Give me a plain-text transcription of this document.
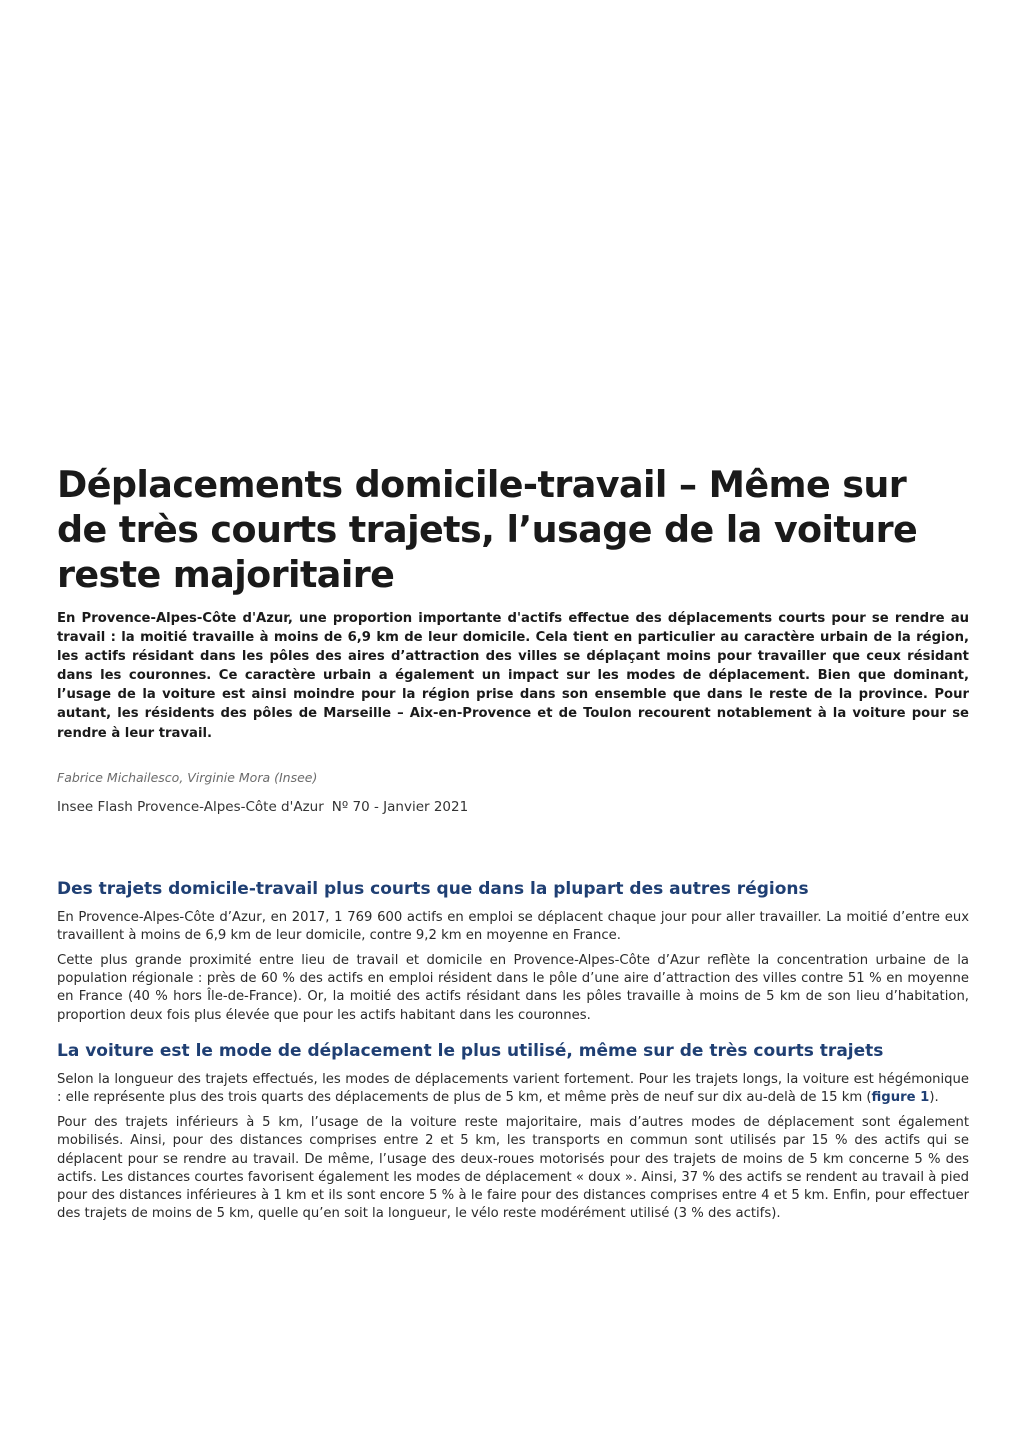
Déplacements domicile-travail – Même sur
de très courts trajets, l’usage de la voiture
reste majoritaire

En Provence-Alpes-Côte d'Azur, une proportion importante d'actifs effectue des déplacements courts pour se rendre au travail : la moitié travaille à moins de 6,9 km de leur domicile. Cela tient en particulier au caractère urbain de la région, les actifs résidant dans les pôles des aires d’attraction des villes se déplaçant moins pour travailler que ceux résidant dans les couronnes. Ce caractère urbain a également un impact sur les modes de déplacement. Bien que dominant, l’usage de la voiture est ainsi moindre pour la région prise dans son ensemble que dans le reste de la province. Pour autant, les résidents des pôles de Marseille – Aix-en-Provence et de Toulon recourent notablement à la voiture pour se rendre à leur travail.

Fabrice Michailesco, Virginie Mora (Insee)

Insee Flash Provence-Alpes-Côte d'Azur Nº 70 - Janvier 2021

Des trajets domicile-travail plus courts que dans la plupart des autres régions

En Provence-Alpes-Côte d’Azur, en 2017, 1 769 600 actifs en emploi se déplacent chaque jour pour aller travailler. La moitié d’entre eux travaillent à moins de 6,9 km de leur domicile, contre 9,2 km en moyenne en France.

Cette plus grande proximité entre lieu de travail et domicile en Provence-Alpes-Côte d’Azur reflète la concentration urbaine de la population régionale : près de 60 % des actifs en emploi résident dans le pôle d’une aire d’attraction des villes contre 51 % en moyenne en France (40 % hors Île-de-France). Or, la moitié des actifs résidant dans les pôles travaille à moins de 5 km de son lieu d’habitation, proportion deux fois plus élevée que pour les actifs habitant dans les couronnes.

La voiture est le mode de déplacement le plus utilisé, même sur de très courts trajets

Selon la longueur des trajets effectués, les modes de déplacements varient fortement. Pour les trajets longs, la voiture est hégémonique : elle représente plus des trois quarts des déplacements de plus de 5 km, et même près de neuf sur dix au-delà de 15 km (figure 1).

Pour des trajets inférieurs à 5 km, l’usage de la voiture reste majoritaire, mais d’autres modes de déplacement sont également mobilisés. Ainsi, pour des distances comprises entre 2 et 5 km, les transports en commun sont utilisés par 15 % des actifs qui se déplacent pour se rendre au travail. De même, l’usage des deux-roues motorisés pour des trajets de moins de 5 km concerne 5 % des actifs. Les distances courtes favorisent également les modes de déplacement « doux ». Ainsi, 37 % des actifs se rendent au travail à pied pour des distances inférieures à 1 km et ils sont encore 5 % à le faire pour des distances comprises entre 4 et 5 km. Enfin, pour effectuer des trajets de moins de 5 km, quelle qu’en soit la longueur, le vélo reste modérément utilisé (3 % des actifs).
